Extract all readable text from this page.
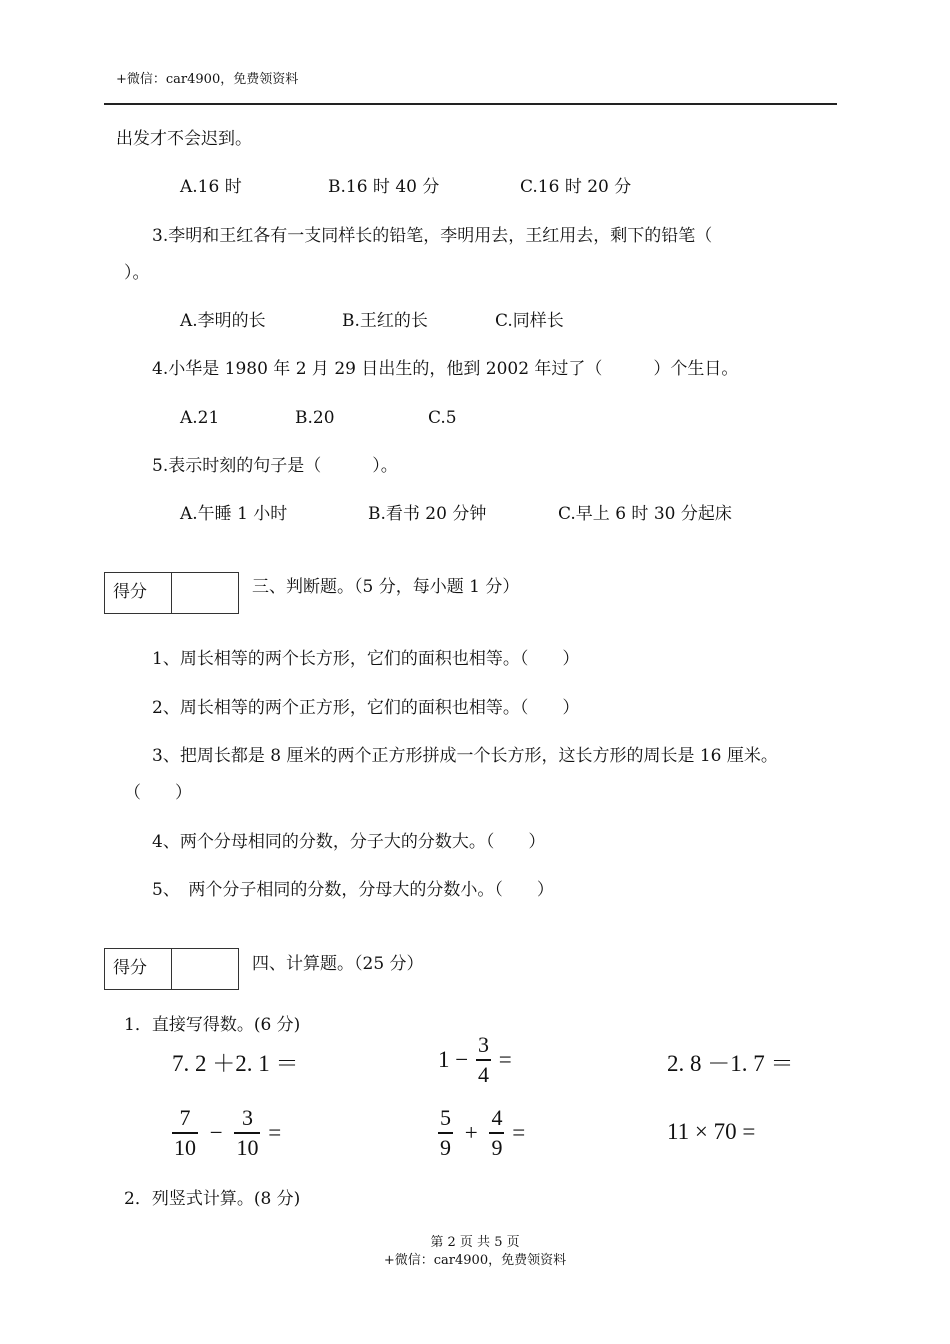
+微信：car4900，免费领资料
出发才不会迟到。
A.16 时	B.16 时 40 分	C.16 时 20 分
3.李明和王红各有一支同样长的铅笔，李明用去，王红用去，剩下的铅笔（
）。
A.李明的长	B.王红的长	C.同样长
4.小华是 1980 年 2 月 29 日出生的，他到 2002 年过了（　　　）个生日。
A.21	B.20	C.5
5.表示时刻的句子是（　　　）。
A.午睡 1 小时	B.看书 20 分钟	C.早上 6 时 30 分起床
得分	三、判断题。（5 分，每小题 1 分）
1、周长相等的两个长方形，它们的面积也相等。（　　）
2、周长相等的两个正方形，它们的面积也相等。（　　）
3、把周长都是 8 厘米的两个正方形拼成一个长方形，这长方形的周长是 16 厘米。
（　　）
4、两个分母相同的分数，分子大的分数大。（　　）
5、　两个分子相同的分数，分母大的分数小。（　　）
得分	四、计算题。（25 分）
1．直接写得数。(6 分)
7. 2 ＋2. 1 ＝	$1 - \frac{3}{4}$ =	2. 8 －1. 7 ＝
$\frac{7}{10} - \frac{3}{10}$ =	$\frac{5}{9} + \frac{4}{9}$ =	11 × 70 =
2．列竖式计算。(8 分)
第 2 页 共 5 页
+微信：car4900，免费领资料
